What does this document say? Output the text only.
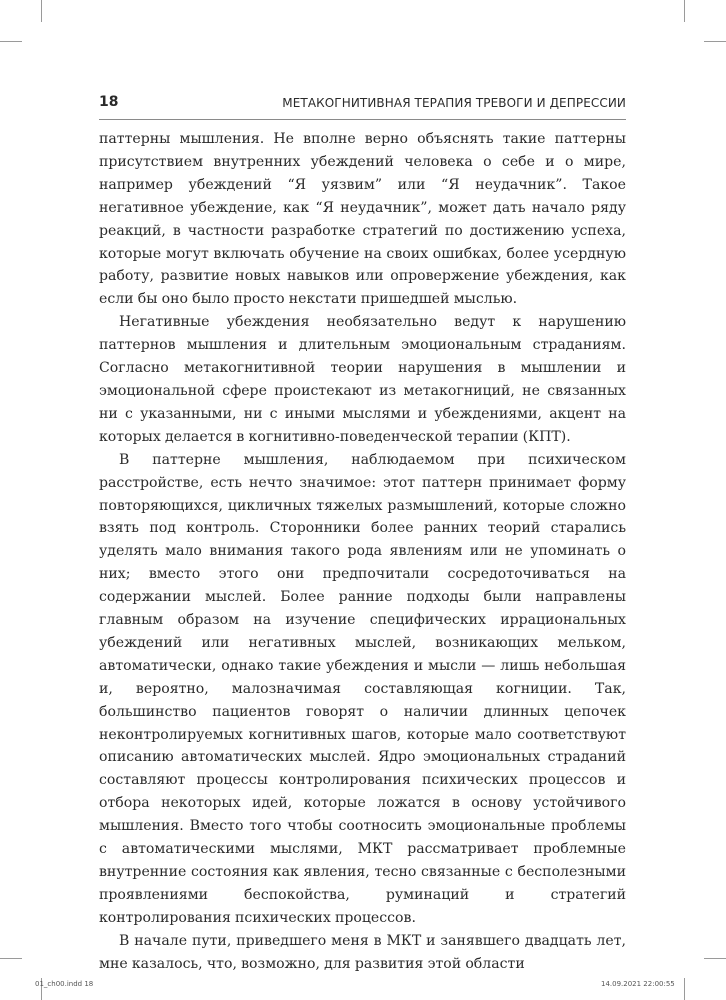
18	МЕТАКОГНИТИВНАЯ ТЕРАПИЯ ТРЕВОГИ И ДЕПРЕССИИ

паттерны мышления. Не вполне верно объяснять такие паттерны присутствием внутренних убеждений человека о себе и о мире, например убеждений “Я уязвим” или “Я неудачник”. Такое негативное убеждение, как “Я неудачник”, может дать начало ряду реакций, в частности разработке стратегий по достижению успеха, которые могут включать обучение на своих ошибках, более усердную работу, развитие новых навыков или опровержение убеждения, как если бы оно было просто некстати пришедшей мыслью.

Негативные убеждения необязательно ведут к нарушению паттернов мышления и длительным эмоциональным страданиям. Согласно метакогнитивной теории нарушения в мышлении и эмоциональной сфере проистекают из метакогниций, не связанных ни с указанными, ни с иными мыслями и убеждениями, акцент на которых делается в когнитивно-поведенческой терапии (КПТ).

В паттерне мышления, наблюдаемом при психическом расстройстве, есть нечто значимое: этот паттерн принимает форму повторяющихся, цикличных тяжелых размышлений, которые сложно взять под контроль. Сторонники более ранних теорий старались уделять мало внимания такого рода явлениям или не упоминать о них; вместо этого они предпочитали сосредоточиваться на содержании мыслей. Более ранние подходы были направлены главным образом на изучение специфических иррациональных убеждений или негативных мыслей, возникающих мельком, автоматически, однако такие убеждения и мысли — лишь небольшая и, вероятно, малозначимая составляющая когниции. Так, большинство пациентов говорят о наличии длинных цепочек неконтролируемых когнитивных шагов, которые мало соответствуют описанию автоматических мыслей. Ядро эмоциональных страданий составляют процессы контролирования психических процессов и отбора некоторых идей, которые ложатся в основу устойчивого мышления. Вместо того чтобы соотносить эмоциональные проблемы с автоматическими мыслями, МКТ рассматривает проблемные внутренние состояния как явления, тесно связанные с бесполезными проявлениями беспокойства, руминаций и стратегий контролирования психических процессов.

В начале пути, приведшего меня в МКТ и занявшего двадцать лет, мне казалось, что, возможно, для развития этой области

01_ch00.indd 18	14.09.2021 22:00:55
